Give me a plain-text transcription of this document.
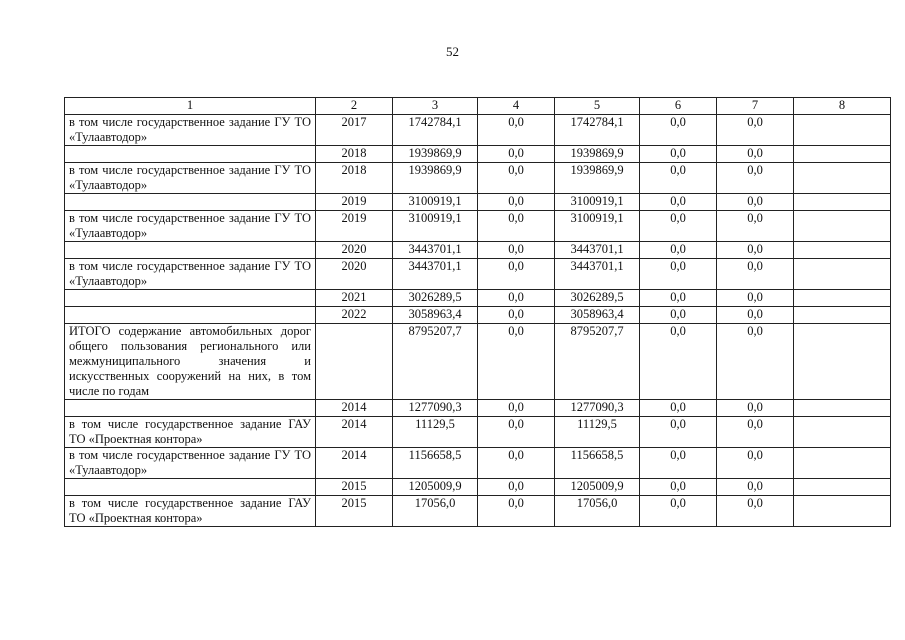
52
1	2	3	4	5	6	7	8
в том числе государственное задание ГУ ТО «Тулаавтодор»	2017	1742784,1	0,0	1742784,1	0,0	0,0	
	2018	1939869,9	0,0	1939869,9	0,0	0,0	
в том числе государственное задание ГУ ТО «Тулаавтодор»	2018	1939869,9	0,0	1939869,9	0,0	0,0	
	2019	3100919,1	0,0	3100919,1	0,0	0,0	
в том числе государственное задание ГУ ТО «Тулаавтодор»	2019	3100919,1	0,0	3100919,1	0,0	0,0	
	2020	3443701,1	0,0	3443701,1	0,0	0,0	
в том числе государственное задание ГУ ТО «Тулаавтодор»	2020	3443701,1	0,0	3443701,1	0,0	0,0	
	2021	3026289,5	0,0	3026289,5	0,0	0,0	
	2022	3058963,4	0,0	3058963,4	0,0	0,0	
ИТОГО содержание автомобильных дорог общего пользования регионального или межмуниципального значения и искусственных сооружений на них, в том числе по годам		8795207,7	0,0	8795207,7	0,0	0,0	
	2014	1277090,3	0,0	1277090,3	0,0	0,0	
в том числе государственное задание ГАУ ТО «Проектная контора»	2014	11129,5	0,0	11129,5	0,0	0,0	
в том числе государственное задание ГУ ТО «Тулаавтодор»	2014	1156658,5	0,0	1156658,5	0,0	0,0	
	2015	1205009,9	0,0	1205009,9	0,0	0,0	
в том числе государственное задание ГАУ ТО «Проектная контора»	2015	17056,0	0,0	17056,0	0,0	0,0	
